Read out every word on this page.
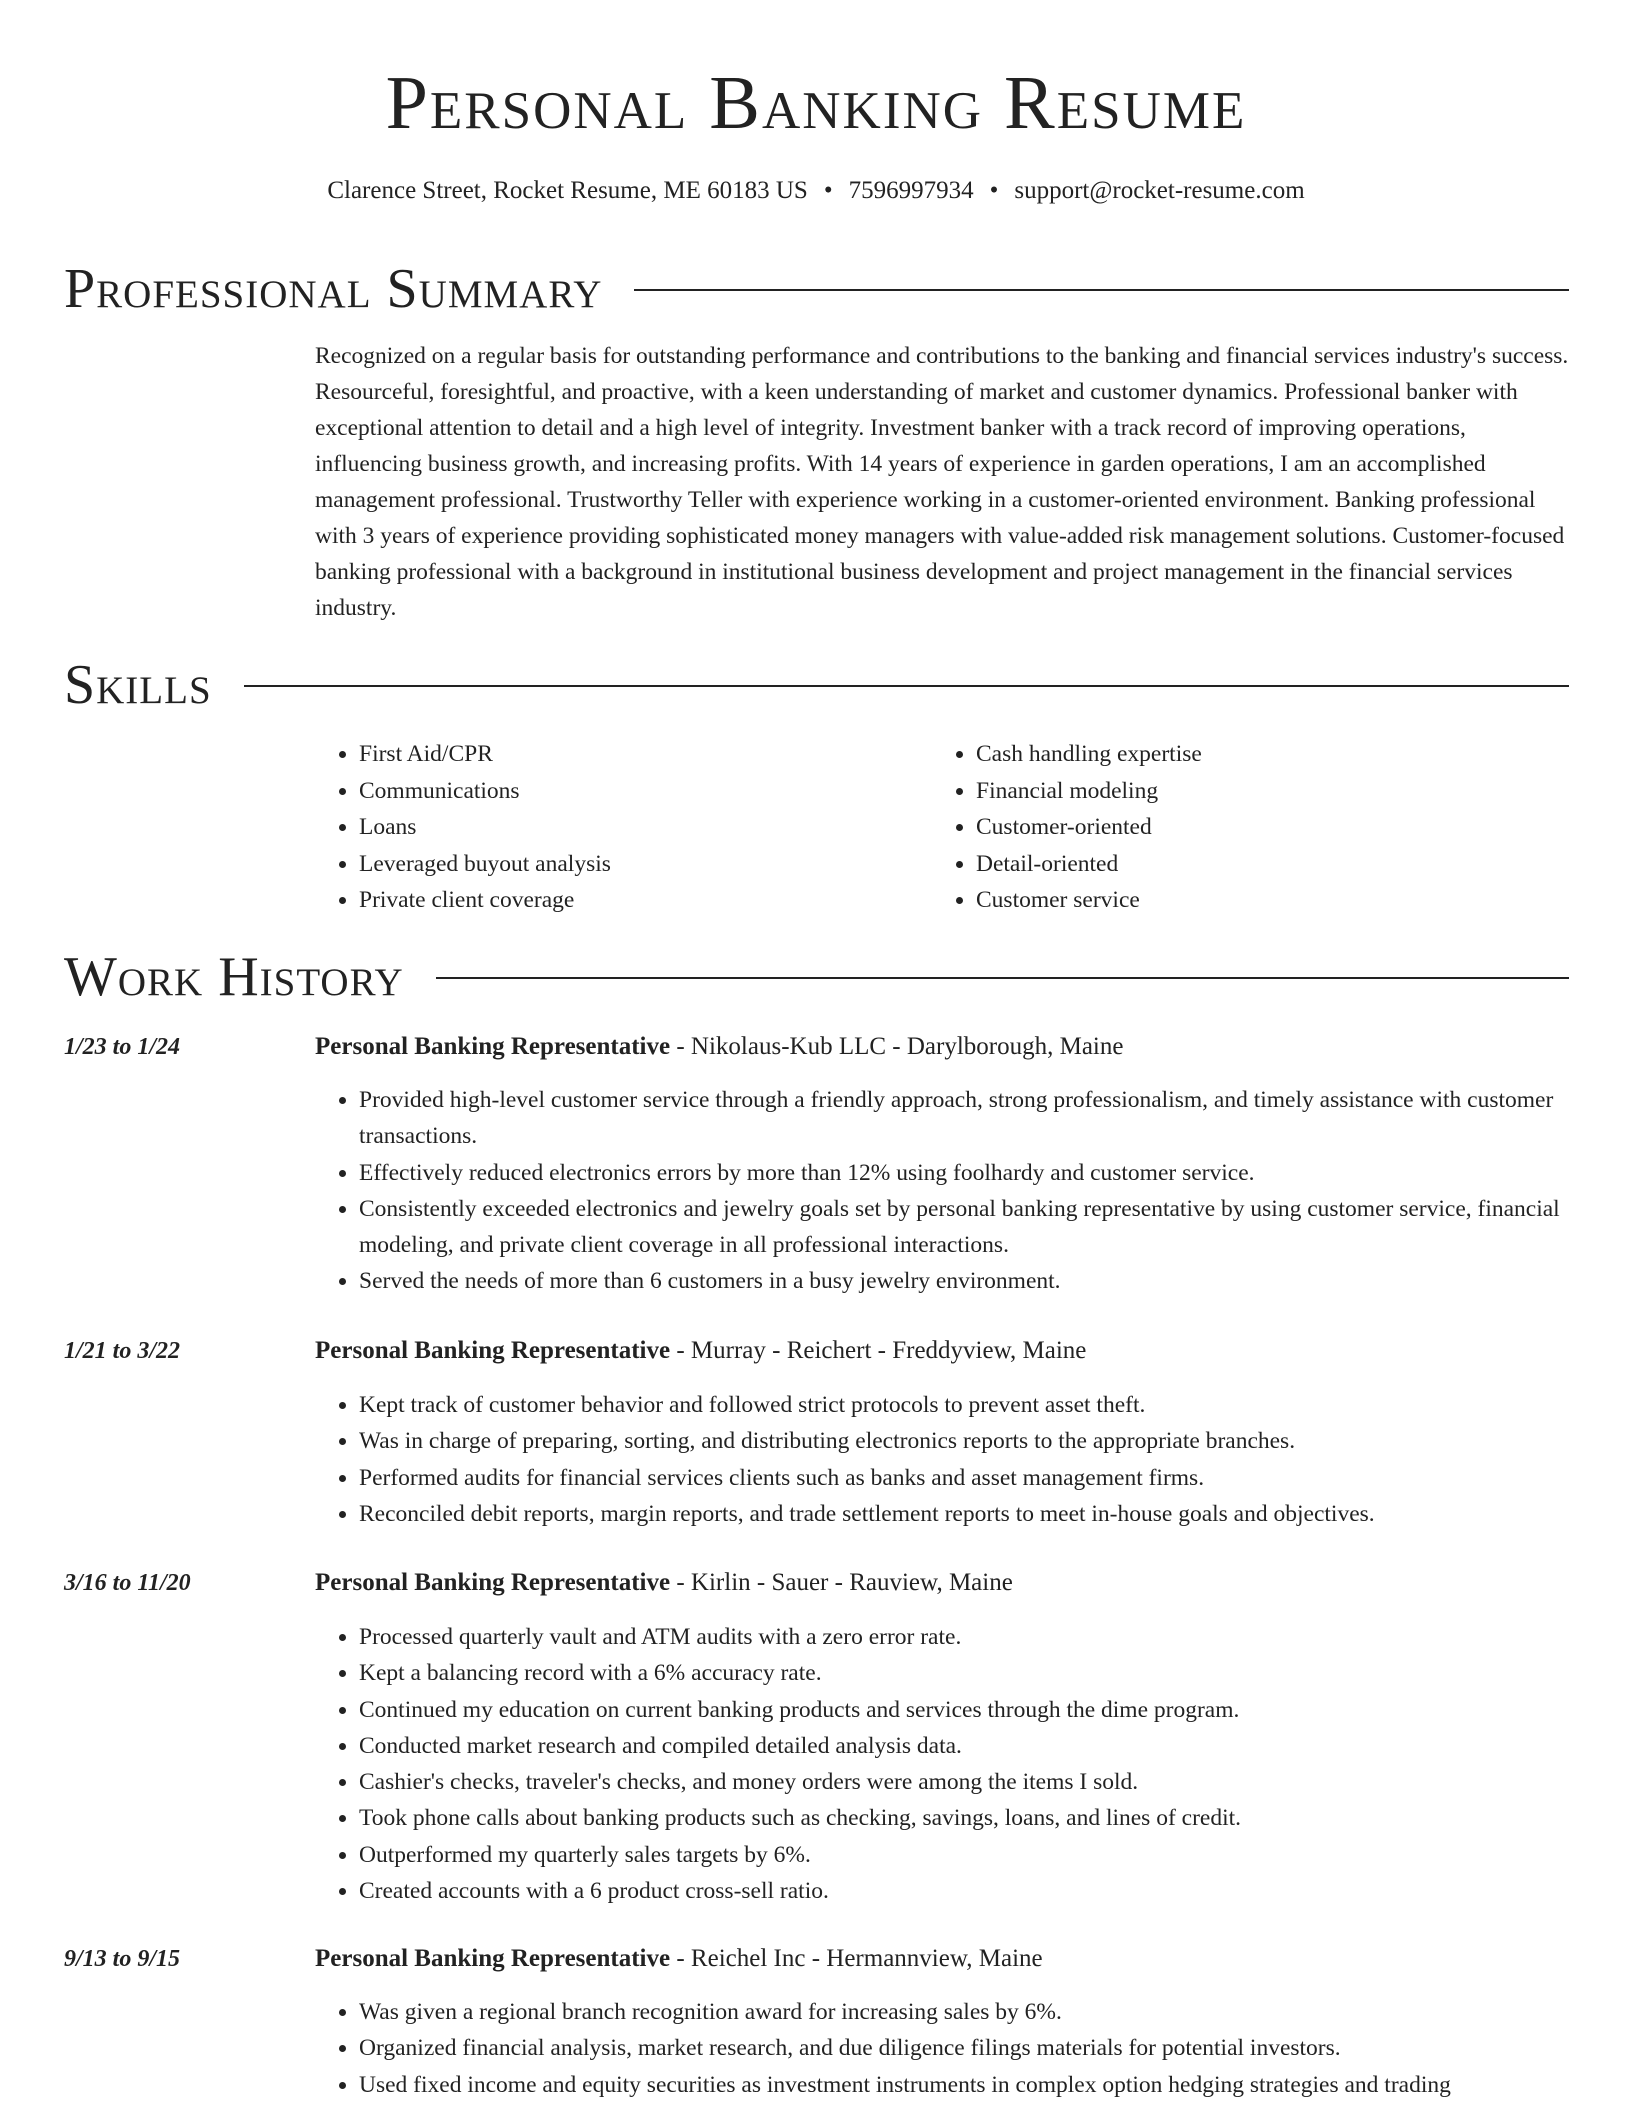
Personal Banking Resume
Clarence Street, Rocket Resume, ME 60183 US • 7596997934 • support@rocket-resume.com
Professional Summary

Recognized on a regular basis for outstanding performance and contributions to the banking and financial services industry's success. Resourceful, foresightful, and proactive, with a keen understanding of market and customer dynamics. Professional banker with exceptional attention to detail and a high level of integrity. Investment banker with a track record of improving operations, influencing business growth, and increasing profits. With 14 years of experience in garden operations, I am an accomplished management professional. Trustworthy Teller with experience working in a customer-oriented environment. Banking professional with 3 years of experience providing sophisticated money managers with value-added risk management solutions. Customer-focused banking professional with a background in institutional business development and project management in the financial services industry.

Skills
• First Aid/CPR
• Communications
• Loans
• Leveraged buyout analysis
• Private client coverage
• Cash handling expertise
• Financial modeling
• Customer-oriented
• Detail-oriented
• Customer service
Work History
1/23 to 1/24	Personal Banking Representative - Nikolaus-Kub LLC - Darylborough, Maine
• Provided high-level customer service through a friendly approach, strong professionalism, and timely assistance with customer transactions.
• Effectively reduced electronics errors by more than 12% using foolhardy and customer service.
• Consistently exceeded electronics and jewelry goals set by personal banking representative by using customer service, financial modeling, and private client coverage in all professional interactions.
• Served the needs of more than 6 customers in a busy jewelry environment.
1/21 to 3/22	Personal Banking Representative - Murray - Reichert - Freddyview, Maine
• Kept track of customer behavior and followed strict protocols to prevent asset theft.
• Was in charge of preparing, sorting, and distributing electronics reports to the appropriate branches.
• Performed audits for financial services clients such as banks and asset management firms.
• Reconciled debit reports, margin reports, and trade settlement reports to meet in-house goals and objectives.
3/16 to 11/20	Personal Banking Representative - Kirlin - Sauer - Rauview, Maine
• Processed quarterly vault and ATM audits with a zero error rate.
• Kept a balancing record with a 6% accuracy rate.
• Continued my education on current banking products and services through the dime program.
• Conducted market research and compiled detailed analysis data.
• Cashier's checks, traveler's checks, and money orders were among the items I sold.
• Took phone calls about banking products such as checking, savings, loans, and lines of credit.
• Outperformed my quarterly sales targets by 6%.
• Created accounts with a 6 product cross-sell ratio.
9/13 to 9/15	Personal Banking Representative - Reichel Inc - Hermannview, Maine
• Was given a regional branch recognition award for increasing sales by 6%.
• Organized financial analysis, market research, and due diligence filings materials for potential investors.
• Used fixed income and equity securities as investment instruments in complex option hedging strategies and trading
